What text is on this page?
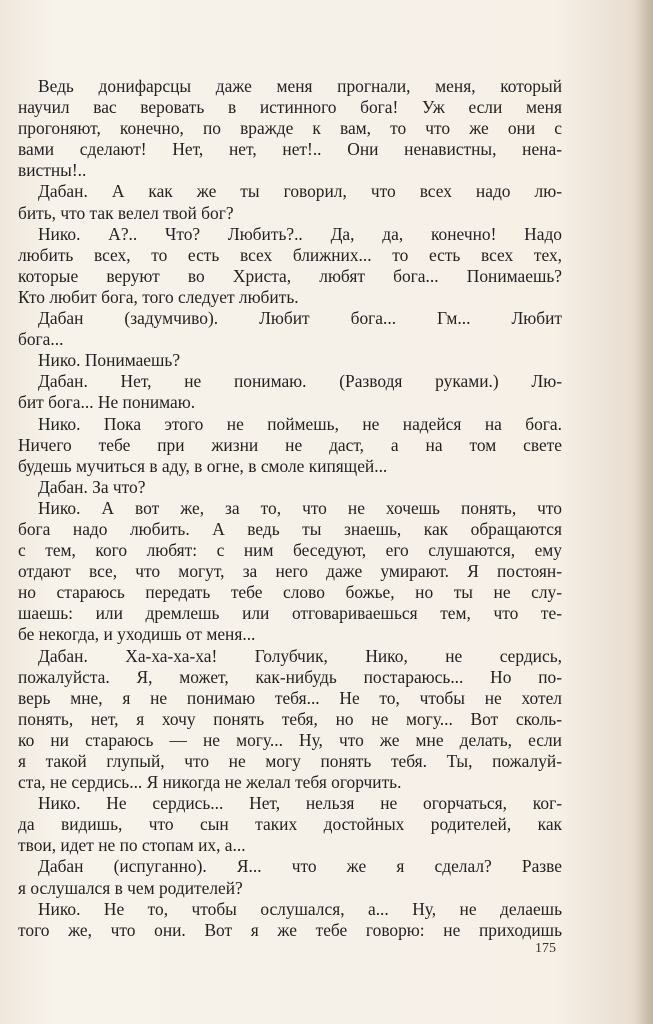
Ведь донифарсцы даже меня прогнали, меня, который
научил вас веровать в истинного бога! Уж если меня
прогоняют, конечно, по вражде к вам, то что же они с
вами сделают! Нет, нет, нет!.. Они ненавистны, нена-
вистны!..
Дабан. А как же ты говорил, что всех надо лю-
бить, что так велел твой бог?
Нико. А?.. Что? Любить?.. Да, да, конечно! Надо
любить всех, то есть всех ближних... то есть всех тех,
которые веруют во Христа, любят бога... Понимаешь?
Кто любит бога, того следует любить.
Дабан (задумчиво). Любит бога... Гм... Любит
бога...
Нико. Понимаешь?
Дабан. Нет, не понимаю. (Разводя руками.) Лю-
бит бога... Не понимаю.
Нико. Пока этого не поймешь, не надейся на бога.
Ничего тебе при жизни не даст, а на том свете
будешь мучиться в аду, в огне, в смоле кипящей...
Дабан. За что?
Нико. А вот же, за то, что не хочешь понять, что
бога надо любить. А ведь ты знаешь, как обращаются
с тем, кого любят: с ним беседуют, его слушаются, ему
отдают все, что могут, за него даже умирают. Я постоян-
но стараюсь передать тебе слово божье, но ты не слу-
шаешь: или дремлешь или отговариваешься тем, что те-
бе некогда, и уходишь от меня...
Дабан. Ха-ха-ха-ха! Голубчик, Нико, не сердись,
пожалуйста. Я, может, как-нибудь постараюсь... Но по-
верь мне, я не понимаю тебя... Не то, чтобы не хотел
понять, нет, я хочу понять тебя, но не могу... Вот сколь-
ко ни стараюсь — не могу... Ну, что же мне делать, если
я такой глупый, что не могу понять тебя. Ты, пожалуй-
ста, не сердись... Я никогда не желал тебя огорчить.
Нико. Не сердись... Нет, нельзя не огорчаться, ког-
да видишь, что сын таких достойных родителей, как
твои, идет не по стопам их, а...
Дабан (испуганно). Я... что же я сделал? Разве
я ослушался в чем родителей?
Нико. Не то, чтобы ослушался, а... Ну, не делаешь
того же, что они. Вот я же тебе говорю: не приходишь
175
